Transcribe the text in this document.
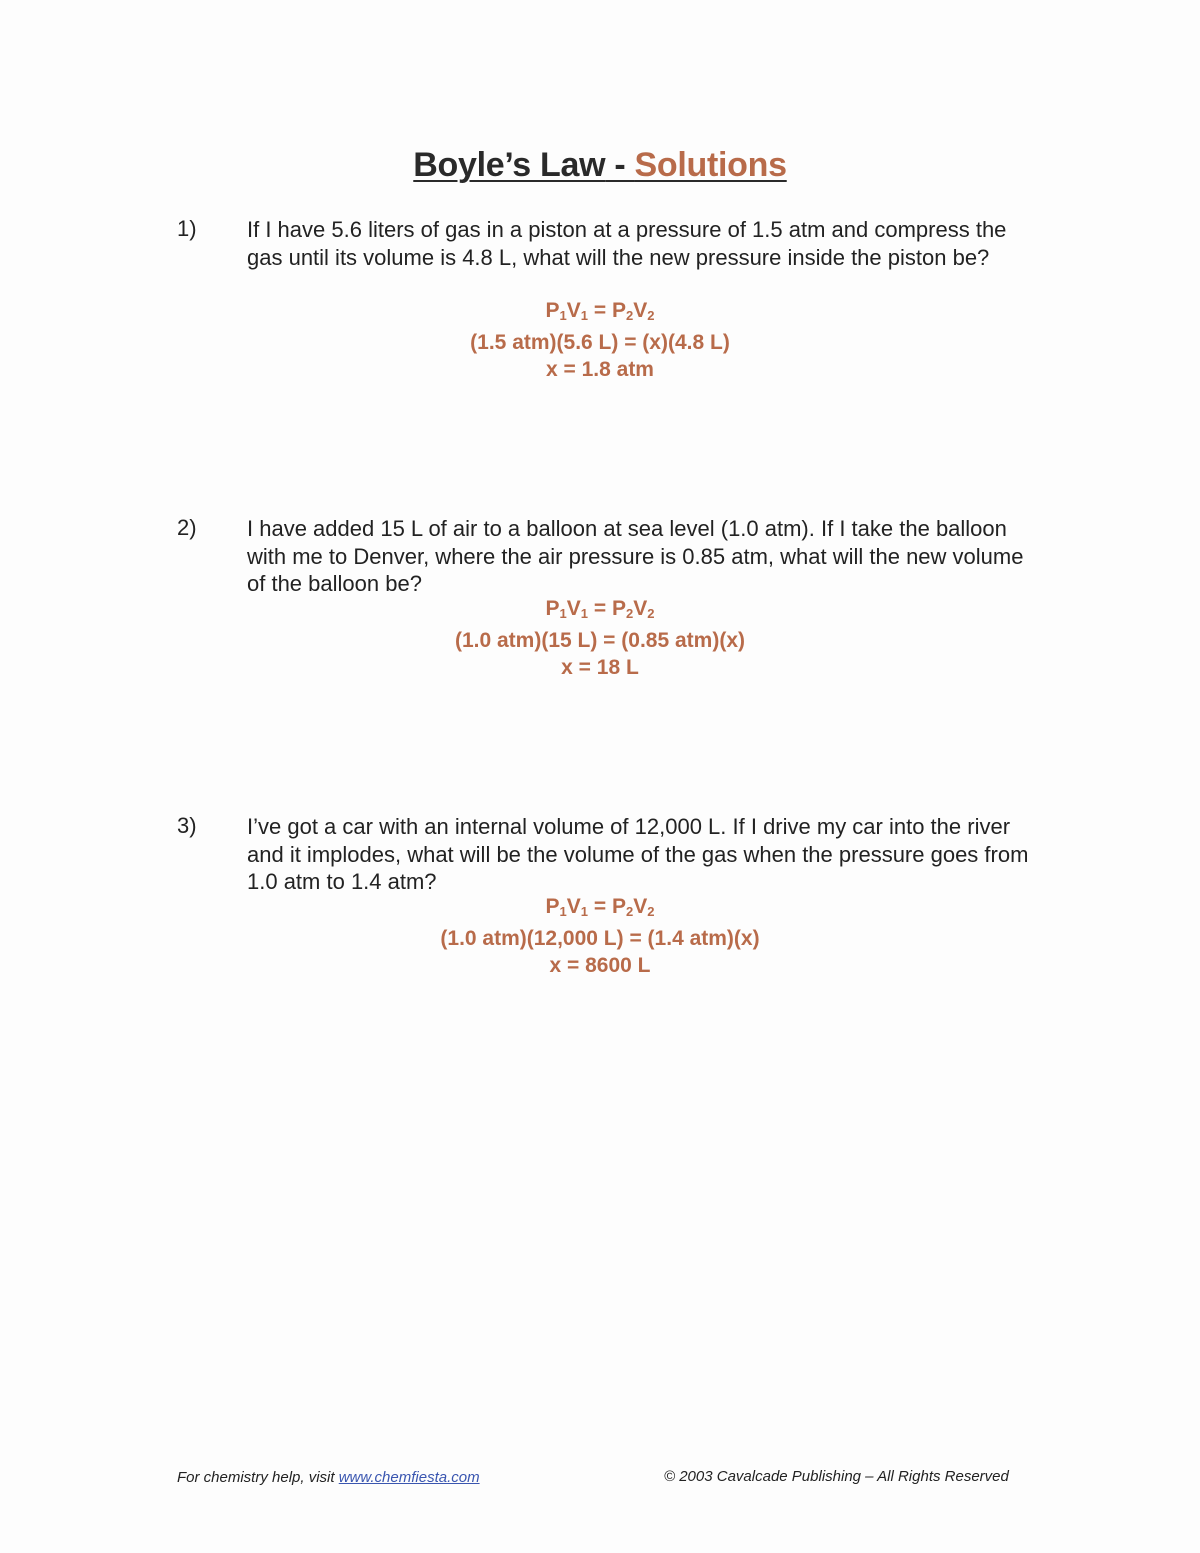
Boyle’s Law - Solutions
1) If I have 5.6 liters of gas in a piston at a pressure of 1.5 atm and compress the gas until its volume is 4.8 L, what will the new pressure inside the piston be?
$P_1V_1 = P_2V_2$
(1.5 atm)(5.6 L) = (x)(4.8 L)
x = 1.8 atm
2) I have added 15 L of air to a balloon at sea level (1.0 atm). If I take the balloon with me to Denver, where the air pressure is 0.85 atm, what will the new volume of the balloon be?
$P_1V_1 = P_2V_2$
(1.0 atm)(15 L) = (0.85 atm)(x)
x = 18 L
3) I’ve got a car with an internal volume of 12,000 L. If I drive my car into the river and it implodes, what will be the volume of the gas when the pressure goes from 1.0 atm to 1.4 atm?
$P_1V_1 = P_2V_2$
(1.0 atm)(12,000 L) = (1.4 atm)(x)
x = 8600 L
For chemistry help, visit www.chemfiesta.com	© 2003 Cavalcade Publishing – All Rights Reserved
